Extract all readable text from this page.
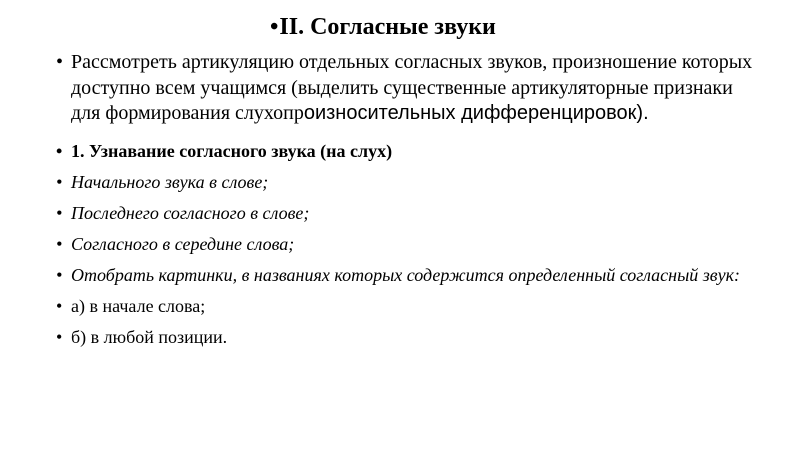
•II. Согласные звуки
• Рассмотреть артикуляцию отдельных согласных звуков, произношение которых доступно всем учащимся (выделить существенные артикуляторные признаки для формирования слухопроизносительных дифференцировок).
• 1. Узнавание согласного звука (на слух)
• Начального звука в слове;
• Последнего согласного в слове;
• Согласного в середине слова;
• Отобрать картинки, в названиях которых содержится определенный согласный звук:
• а) в начале слова;
• б) в любой позиции.
